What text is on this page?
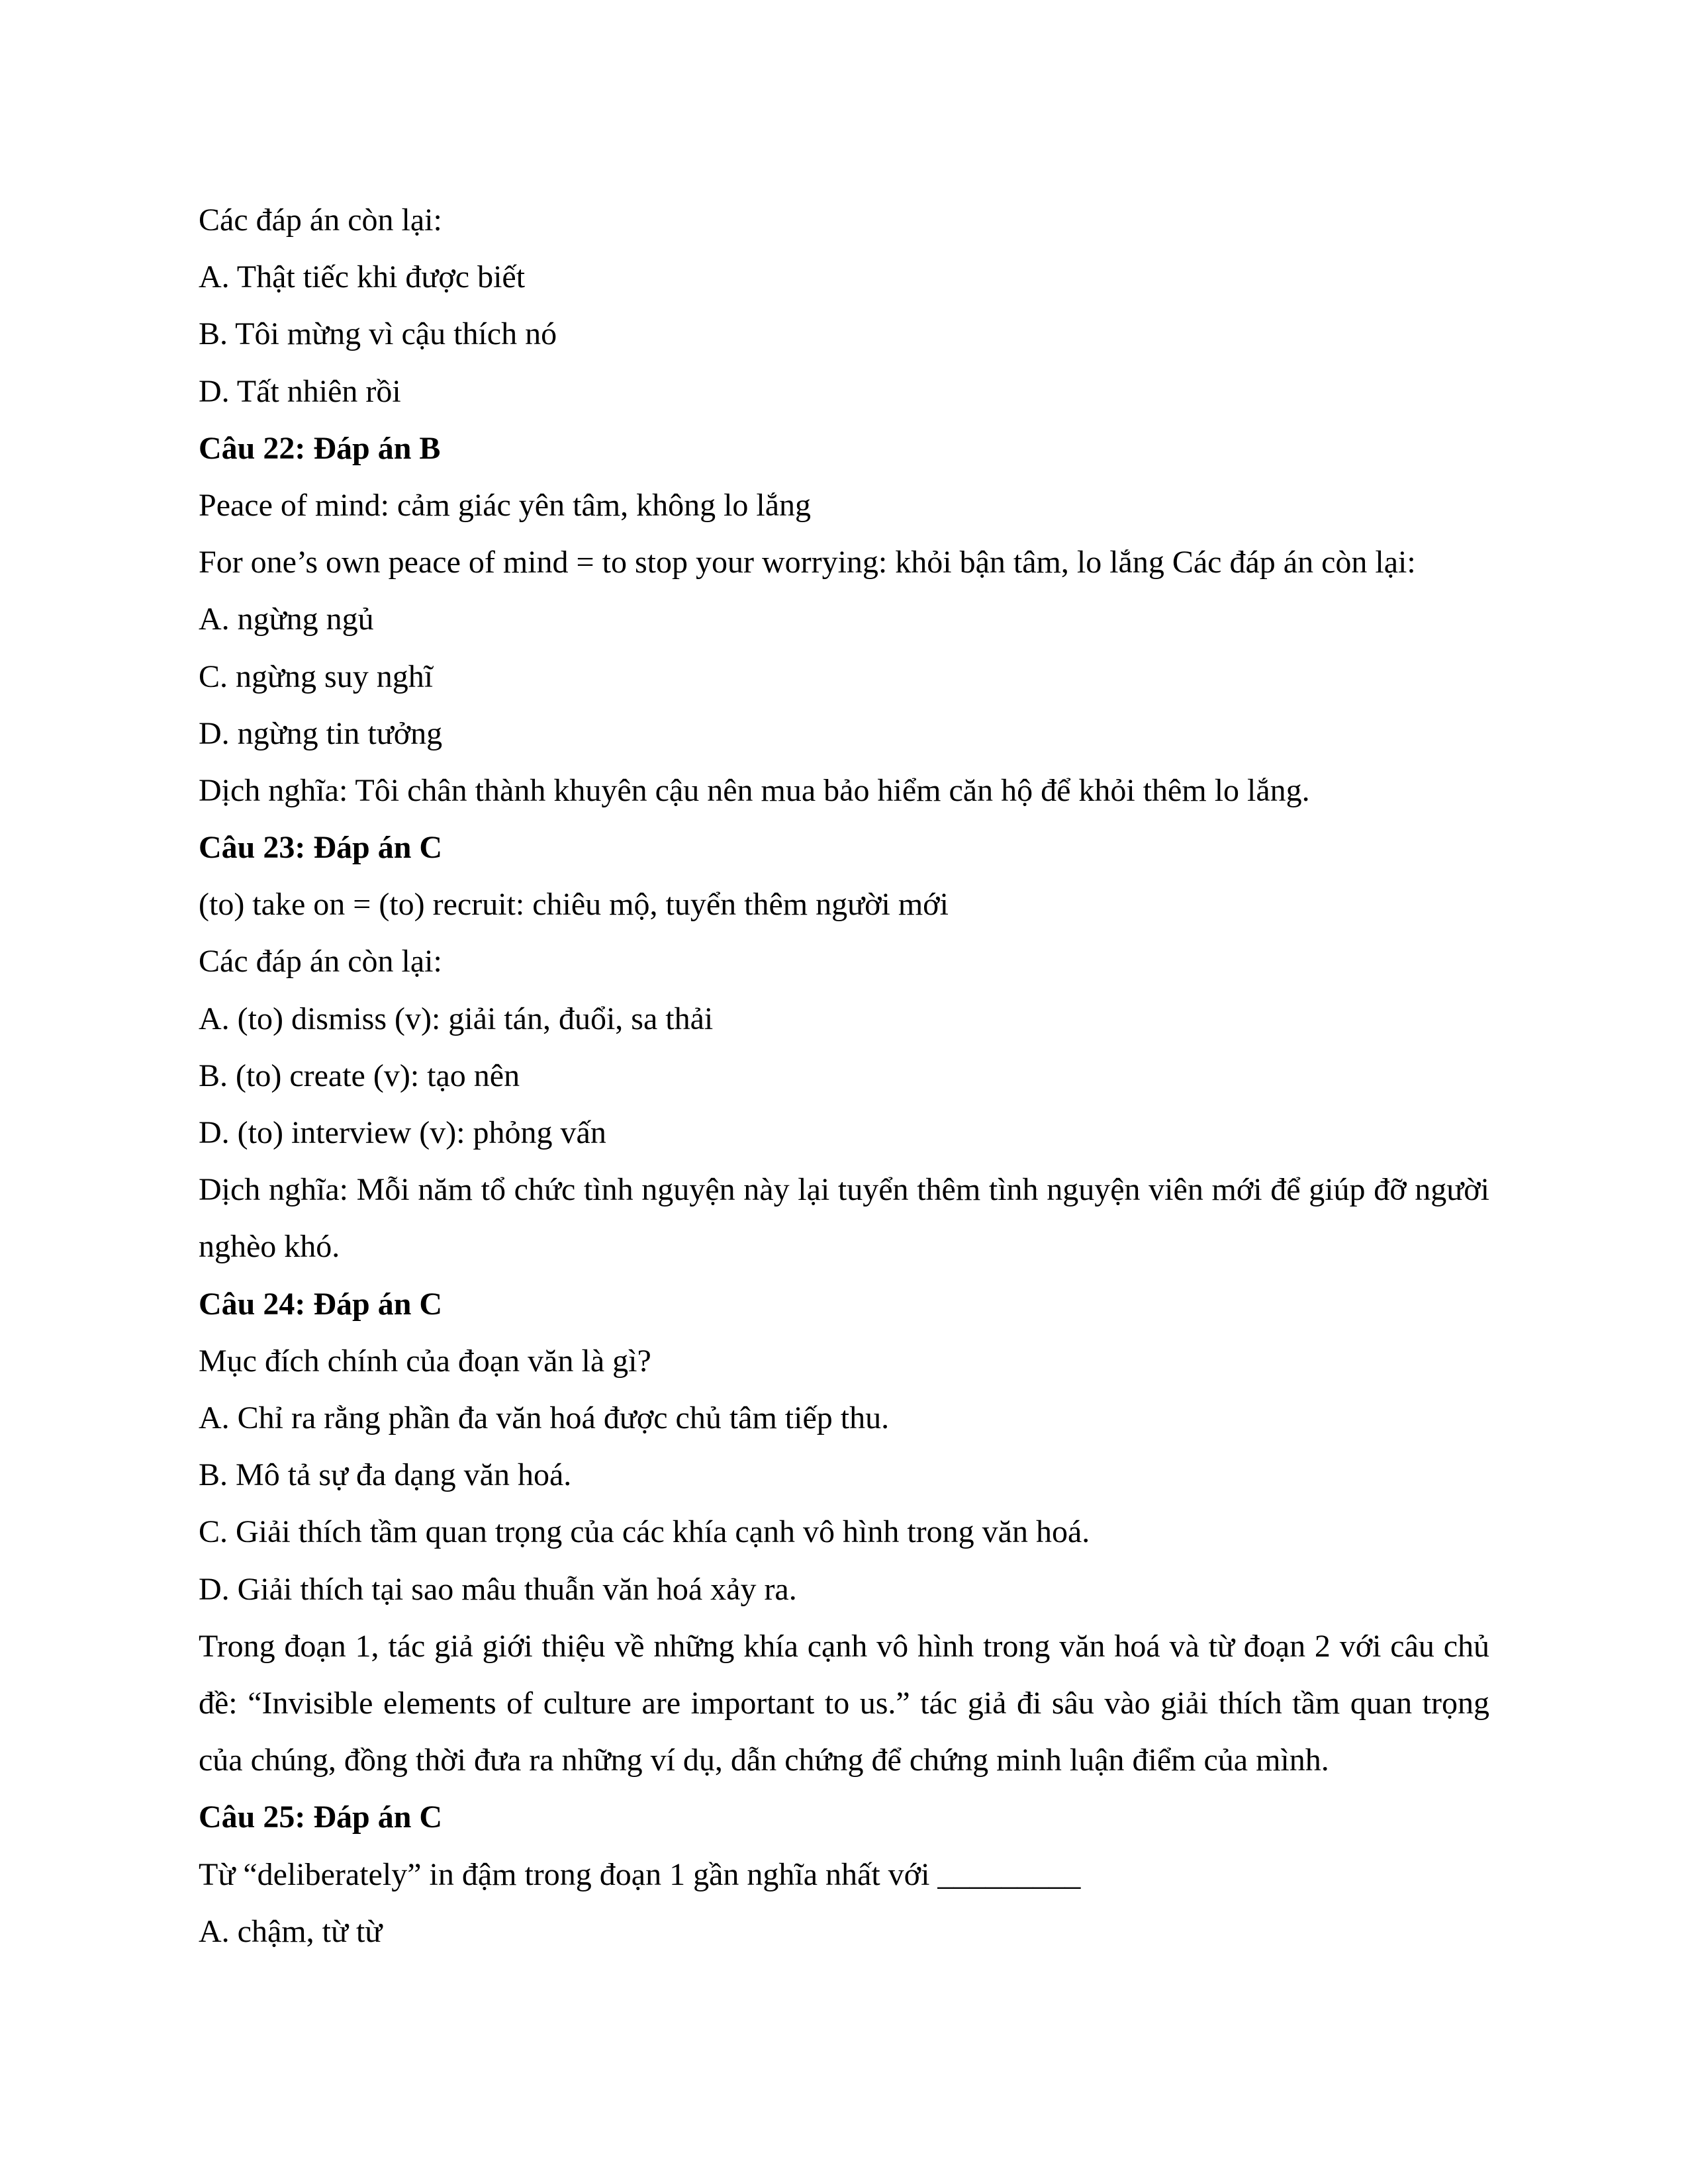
Các đáp án còn lại:

A. Thật tiếc khi được biết

B. Tôi mừng vì cậu thích nó

D. Tất nhiên rồi

Câu 22: Đáp án B

Peace of mind: cảm giác yên tâm, không lo lắng

For one’s own peace of mind = to stop your worrying: khỏi bận tâm, lo lắng Các đáp án còn lại:

A. ngừng ngủ

C. ngừng suy nghĩ

D. ngừng tin tưởng

Dịch nghĩa: Tôi chân thành khuyên cậu nên mua bảo hiểm căn hộ để khỏi thêm lo lắng.

Câu 23: Đáp án C

(to) take on = (to) recruit: chiêu mộ, tuyển thêm người mới

Các đáp án còn lại:

A. (to) dismiss (v): giải tán, đuổi, sa thải

B. (to) create (v): tạo nên

D. (to) interview (v): phỏng vấn

Dịch nghĩa: Mỗi năm tổ chức tình nguyện này lại tuyển thêm tình nguyện viên mới để giúp đỡ người nghèo khó.

Câu 24: Đáp án C

Mục đích chính của đoạn văn là gì?

A. Chỉ ra rằng phần đa văn hoá được chủ tâm tiếp thu.

B. Mô tả sự đa dạng văn hoá.

C. Giải thích tầm quan trọng của các khía cạnh vô hình trong văn hoá.

D. Giải thích tại sao mâu thuẫn văn hoá xảy ra.

Trong đoạn 1, tác giả giới thiệu về những khía cạnh vô hình trong văn hoá và từ đoạn 2 với câu chủ đề: “Invisible elements of culture are important to us.” tác giả đi sâu vào giải thích tầm quan trọng của chúng, đồng thời đưa ra những ví dụ, dẫn chứng để chứng minh luận điểm của mình.

Câu 25: Đáp án C

Từ “deliberately” in đậm trong đoạn 1 gần nghĩa nhất với _________

A. chậm, từ từ
